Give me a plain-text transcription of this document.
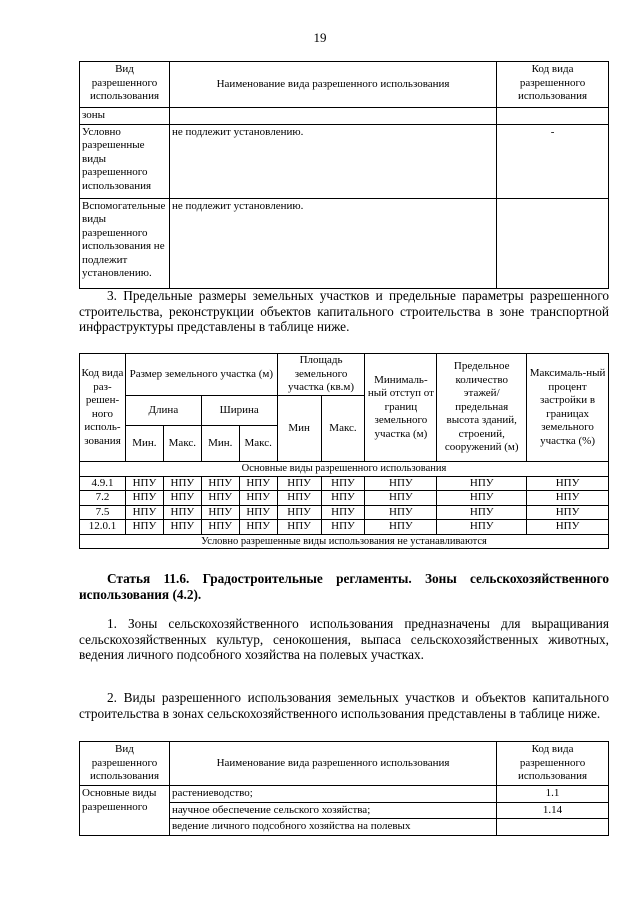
19
Вид разрешенного использования	Наименование вида разрешенного использования	Код вида разрешенного использования
зоны		
Условно разрешенные виды разрешенного использования	не подлежит установлению.	-
Вспомогательные виды разрешенного использования не подлежит установлению.	не подлежит установлению.	
3. Предельные размеры земельных участков и предельные параметры разрешенного строительства, реконструкции объектов капитального строительства в зоне транспортной инфраструктуры представлены в таблице ниже.
Код вида раз-решен-ного исполь-зования	Размер земельного участка (м)				Площадь земельного участка (кв.м)		Минималь-ный отступ от границ земельного участка (м)	Предельное количество этажей/ предельная высота зданий, строений, сооружений (м)	Максималь-ный процент застройки в границах земельного участка (%)
	Длина		Ширина		Мин	Макс.			
	Мин.	Макс.	Мин.	Макс.					
Основные виды разрешенного использования									
4.9.1	НПУ	НПУ	НПУ	НПУ	НПУ	НПУ	НПУ	НПУ	НПУ
7.2	НПУ	НПУ	НПУ	НПУ	НПУ	НПУ	НПУ	НПУ	НПУ
7.5	НПУ	НПУ	НПУ	НПУ	НПУ	НПУ	НПУ	НПУ	НПУ
12.0.1	НПУ	НПУ	НПУ	НПУ	НПУ	НПУ	НПУ	НПУ	НПУ
Условно разрешенные виды использования не устанавливаются									
Статья 11.6. Градостроительные регламенты. Зоны сельскохозяйственного использования (4.2).
1. Зоны сельскохозяйственного использования предназначены для выращивания сельскохозяйственных культур, сенокошения, выпаса сельскохозяйственных животных, ведения личного подсобного хозяйства на полевых участках.
2. Виды разрешенного использования земельных участков и объектов капитального строительства в зонах сельскохозяйственного использования представлены в таблице ниже.
Вид разрешенного использования	Наименование вида разрешенного использования	Код вида разрешенного использования
Основные виды разрешенного	растениеводство;	1.1
	научное обеспечение сельского хозяйства;	1.14
	ведение личного подсобного хозяйства на полевых	
